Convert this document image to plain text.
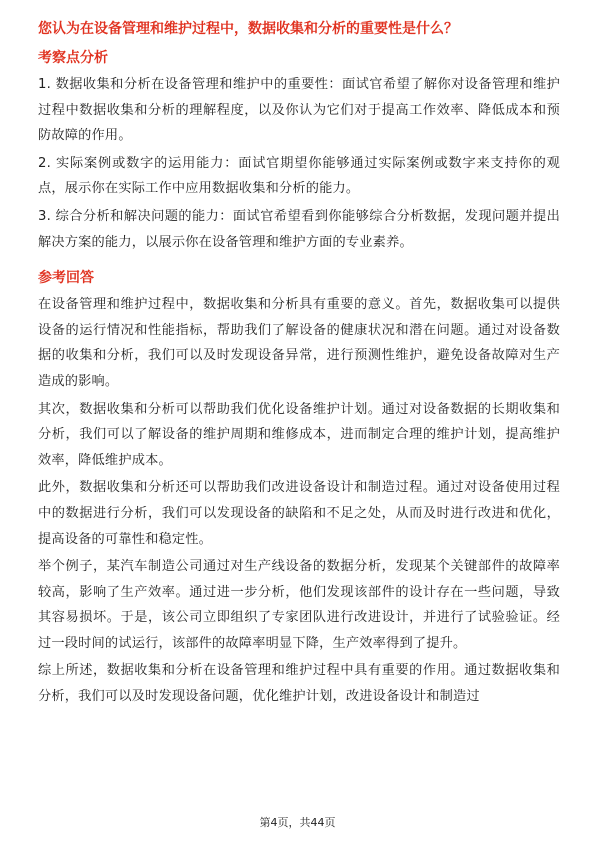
您认为在设备管理和维护过程中，数据收集和分析的重要性是什么？
考察点分析
1. 数据收集和分析在设备管理和维护中的重要性：面试官希望了解你对设备管理和维护过程中数据收集和分析的理解程度，以及你认为它们对于提高工作效率、降低成本和预防故障的作用。
2. 实际案例或数字的运用能力：面试官期望你能够通过实际案例或数字来支持你的观点，展示你在实际工作中应用数据收集和分析的能力。
3. 综合分析和解决问题的能力：面试官希望看到你能够综合分析数据，发现问题并提出解决方案的能力，以展示你在设备管理和维护方面的专业素养。
参考回答
在设备管理和维护过程中，数据收集和分析具有重要的意义。首先，数据收集可以提供设备的运行情况和性能指标，帮助我们了解设备的健康状况和潜在问题。通过对设备数据的收集和分析，我们可以及时发现设备异常，进行预测性维护，避免设备故障对生产造成的影响。
其次，数据收集和分析可以帮助我们优化设备维护计划。通过对设备数据的长期收集和分析，我们可以了解设备的维护周期和维修成本，进而制定合理的维护计划，提高维护效率，降低维护成本。
此外，数据收集和分析还可以帮助我们改进设备设计和制造过程。通过对设备使用过程中的数据进行分析，我们可以发现设备的缺陷和不足之处，从而及时进行改进和优化，提高设备的可靠性和稳定性。
举个例子，某汽车制造公司通过对生产线设备的数据分析，发现某个关键部件的故障率较高，影响了生产效率。通过进一步分析，他们发现该部件的设计存在一些问题，导致其容易损坏。于是，该公司立即组织了专家团队进行改进设计，并进行了试验验证。经过一段时间的试运行，该部件的故障率明显下降，生产效率得到了提升。
综上所述，数据收集和分析在设备管理和维护过程中具有重要的作用。通过数据收集和分析，我们可以及时发现设备问题，优化维护计划，改进设备设计和制造过
第4页，共44页
